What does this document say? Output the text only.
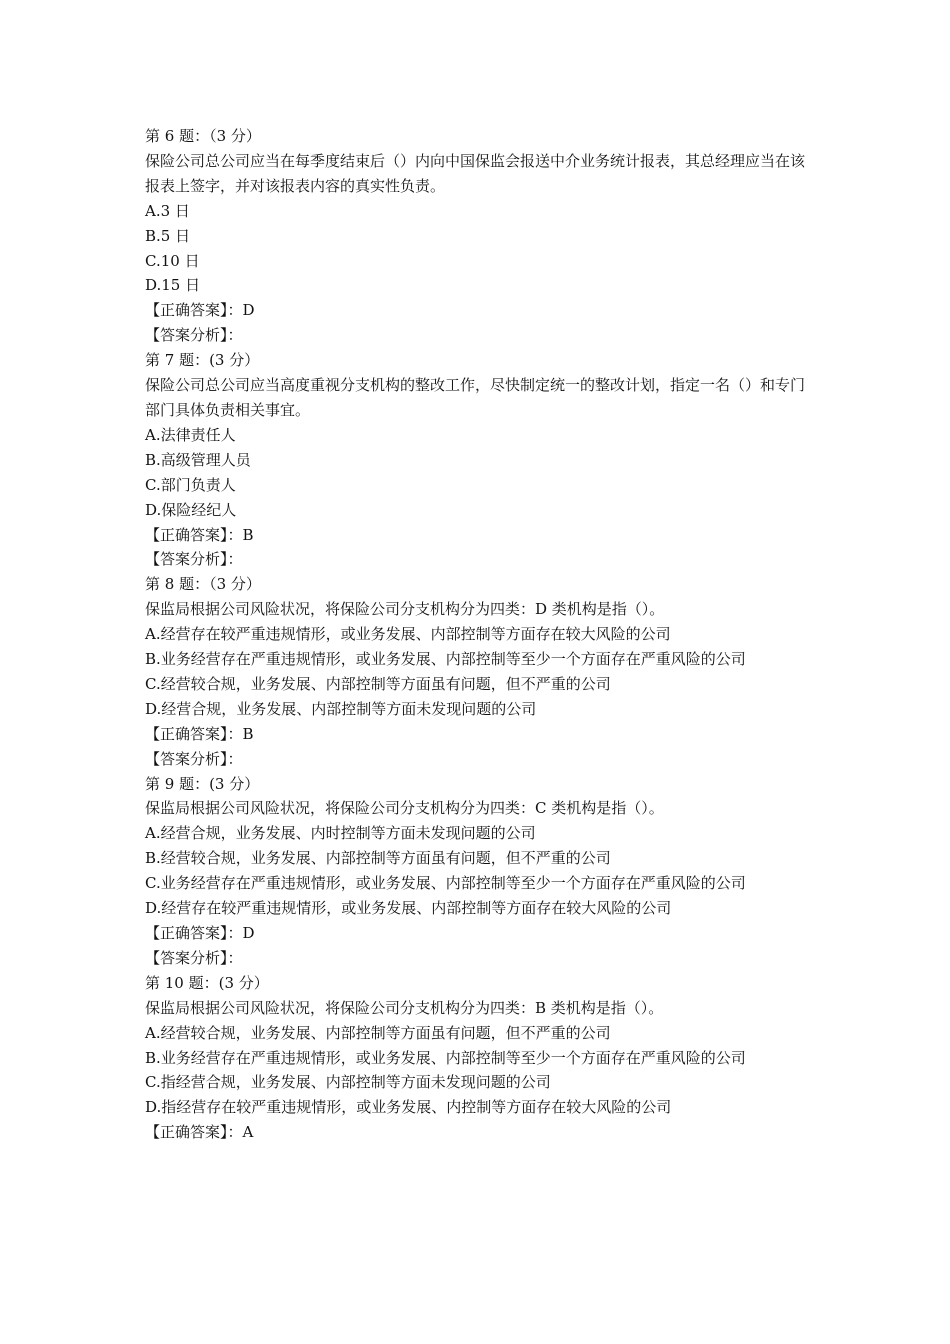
第 6 题：（3 分）
保险公司总公司应当在每季度结束后（）内向中国保监会报送中介业务统计报表，其总经理应当在该报表上签字，并对该报表内容的真实性负责。
A.3 日
B.5 日
C.10 日
D.15 日
【正确答案】：D
【答案分析】：
第 7 题：(3 分）
保险公司总公司应当高度重视分支机构的整改工作，尽快制定统一的整改计划，指定一名（）和专门部门具体负责相关事宜。
A.法律责任人
B.高级管理人员
C.部门负责人
D.保险经纪人
【正确答案】：B
【答案分析】：
第 8 题：（3 分）
保监局根据公司风险状况，将保险公司分支机构分为四类：D 类机构是指（）。
A.经营存在较严重违规情形，或业务发展、内部控制等方面存在较大风险的公司
B.业务经营存在严重违规情形，或业务发展、内部控制等至少一个方面存在严重风险的公司
C.经营较合规，业务发展、内部控制等方面虽有问题，但不严重的公司
D.经营合规，业务发展、内部控制等方面未发现问题的公司
【正确答案】：B
【答案分析】：
第 9 题：(3 分）
保监局根据公司风险状况，将保险公司分支机构分为四类：C 类机构是指（）。
A.经营合规，业务发展、内时控制等方面未发现问题的公司
B.经营较合规，业务发展、内部控制等方面虽有问题，但不严重的公司
C.业务经营存在严重违规情形，或业务发展、内部控制等至少一个方面存在严重风险的公司
D.经营存在较严重违规情形，或业务发展、内部控制等方面存在较大风险的公司
【正确答案】：D
【答案分析】：
第 10 题：(3 分）
保监局根据公司风险状况，将保险公司分支机构分为四类：B 类机构是指（）。
A.经营较合规，业务发展、内部控制等方面虽有问题，但不严重的公司
B.业务经营存在严重违规情形，或业务发展、内部控制等至少一个方面存在严重风险的公司
C.指经营合规，业务发展、内部控制等方面未发现问题的公司
D.指经营存在较严重违规情形，或业务发展、内控制等方面存在较大风险的公司
【正确答案】：A
